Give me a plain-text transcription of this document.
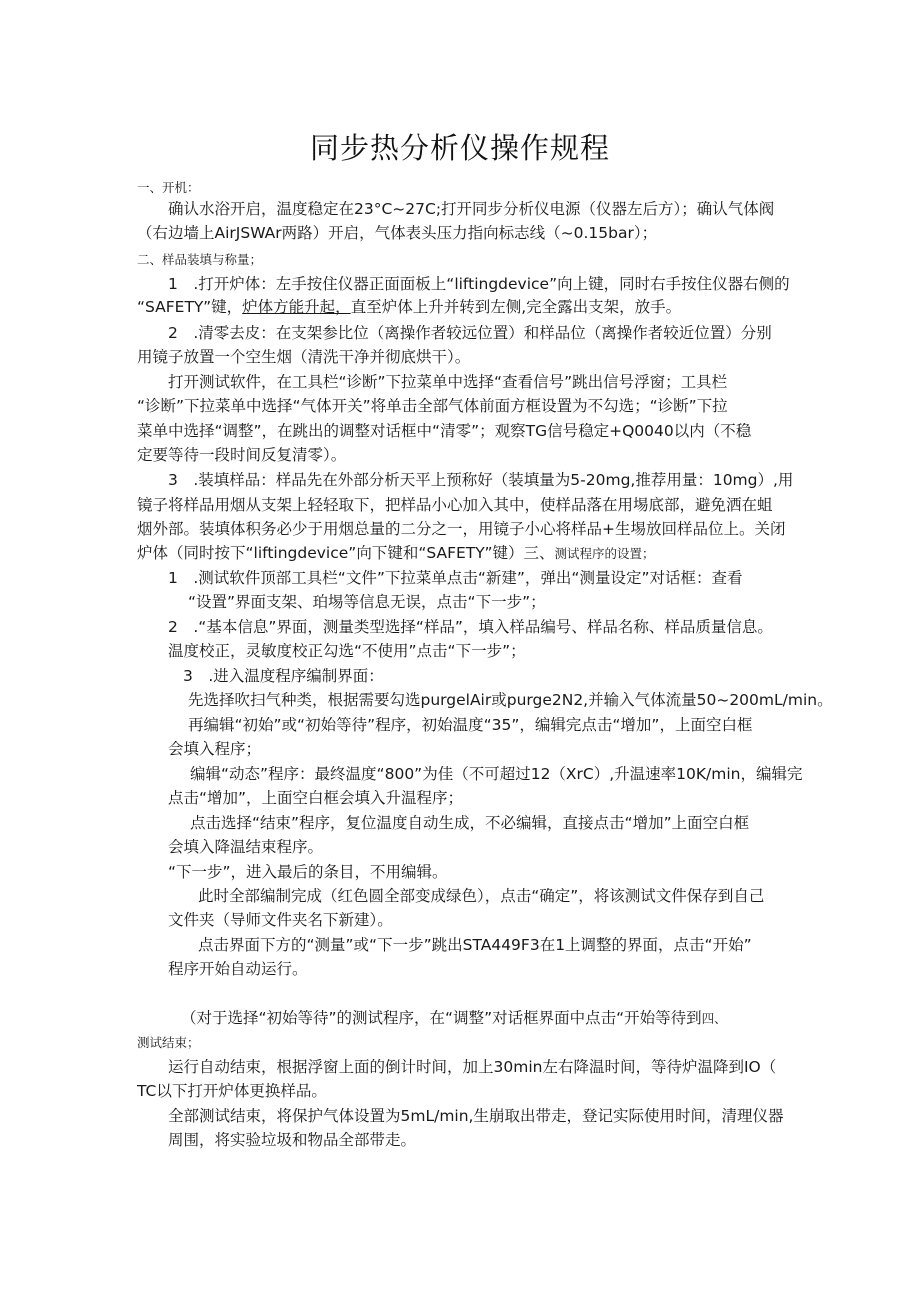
同步热分析仪操作规程
一、开机：
确认水浴开启，温度稳定在23°C~27C;打开同步分析仪电源（仪器左后方）；确认气体阀
（右边墙上AirJSWAr两路）开启，气体表头压力指向标志线（~0.15bar）；
二、样品装填与称量；
1　.打开炉体：左手按住仪器正面面板上“liftingdevice”向上键，同时右手按住仪器右侧的
“SAFETY”键，炉体方能升起，直至炉体上升并转到左侧,完全露出支架，放手。
2　.清零去皮：在支架参比位（离操作者较远位置）和样品位（离操作者较近位置）分别
用镜子放置一个空生烟（清洗干净并彻底烘干）。
打开测试软件，在工具栏“诊断”下拉菜单中选择“查看信号”跳出信号浮窗；工具栏
“诊断”下拉菜单中选择“气体开关”将单击全部气体前面方框设置为不勾选；“诊断”下拉
菜单中选择“调整”，在跳出的调整对话框中“清零”；观察TG信号稳定+Q0040以内（不稳
定要等待一段时间反复清零）。
3　.装填样品：样品先在外部分析天平上预称好（装填量为5-20mg,推荐用量：10mg）,用
镜子将样品用烟从支架上轻轻取下，把样品小心加入其中，使样品落在用埸底部，避免洒在蛆
烟外部。装填体积务必少于用烟总量的二分之一，用镜子小心将样品+生埸放回样品位上。关闭
炉体（同时按下“liftingdevice”向下键和“SAFETY”键）三、测试程序的设置；
1　.测试软件顶部工具栏“文件”下拉菜单点击“新建”，弹出“测量设定”对话框：查看
“设置”界面支架、珀埸等信息无误，点击“下一步”；
2　.“基本信息”界面，测量类型选择“样品”，填入样品编号、样品名称、样品质量信息。
温度校正，灵敏度校正勾选“不使用”点击“下一步”；
3　.进入温度程序编制界面：
先选择吹扫气种类，根据需要勾选purgelAir或purge2N2,并输入气体流量50~200mL/min。
再编辑“初始”或“初始等待”程序，初始温度“35”，编辑完点击“增加”，上面空白框
会填入程序；
编辑“动态”程序：最终温度“800”为佳（不可超过12（XrC）,升温速率10K/min，编辑完
点击“增加”，上面空白框会填入升温程序；
点击选择“结束”程序，复位温度自动生成，不必编辑，直接点击“增加”上面空白框
会填入降温结束程序。
“下一步”，进入最后的条目，不用编辑。
此时全部编制完成（红色圆全部变成绿色），点击“确定”，将该测试文件保存到自己
文件夹（导师文件夹名下新建）。
点击界面下方的“测量”或“下一步”跳出STA449F3在1上调整的界面，点击“开始”
程序开始自动运行。
（对于选择“初始等待”的测试程序，在“调整”对话框界面中点击“开始等待到四、
测试结束；
运行自动结束，根据浮窗上面的倒计时间，加上30min左右降温时间，等待炉温降到IO（
TC以下打开炉体更换样品。
全部测试结束，将保护气体设置为5mL/min,生崩取出带走，登记实际使用时间，清理仪器
周围，将实验垃圾和物品全部带走。
